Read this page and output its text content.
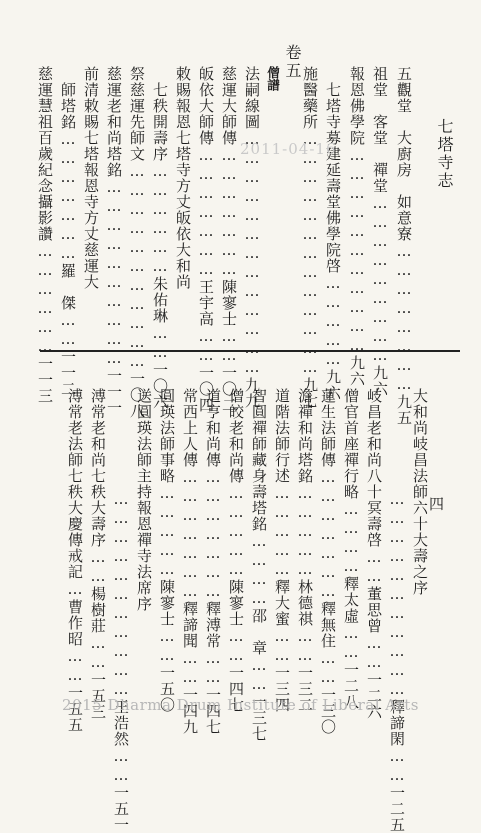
七塔寺志
五觀堂　大廚房　如意寮……………………九五
祖堂　客堂　禪堂………………………九六
報恩佛學院……………………………九六
七塔寺募建延壽堂佛學院啓……………九六
施醫藥所…………………………………九七
卷五
僧譜
法嗣線圖…………………………………九九
慈運大師傳…………………陳寥士……一〇二
皈依大師傳…………………王宇高……一〇四
敕賜報恩七塔寺方丈皈依大和尚
七秩開壽序………………朱佑琳……一〇六
祭慈運先師文……………………………一〇八
慈運老和尚塔銘…………………………一一一
前清敕賜七塔報恩寺方丈慈運大
師塔銘…………………羅　傑……一一二
慈運慧祖百歲紀念攝影讚………………一一三	2011-04-16
四
大和尚岐昌法師六十大壽之序
……………………………釋諦閑……一二五
岐昌老和尚八十冥壽啓……董思曾……一二六
僧官首座禪行略…………釋太虛……一二八
蓮生法師傳…………………釋無住……一三〇
澹禪和尚塔銘……………林德祺……一三二
道階法師行述……………釋大蜜……一三四
智圓禪師藏身壽塔銘…………邵　章……一三七
僧皎老和尚傳……………陳寥士……一四七
道亨和尚傳…………………釋溥常……一四七
常西上人傳…………………釋諦聞……一四九
圓瑛法師事略……………陳寥士……一五〇
送圓瑛法師主持報恩禪寺法席序
……………………………王浩然……一五一
溥常老和尚七秩大壽序……楊樹莊……一五三
溥常老法師七秩大慶傳戒記…曹作昭……一五五
2015 Dharma Drum Institute of Liberal Arts
